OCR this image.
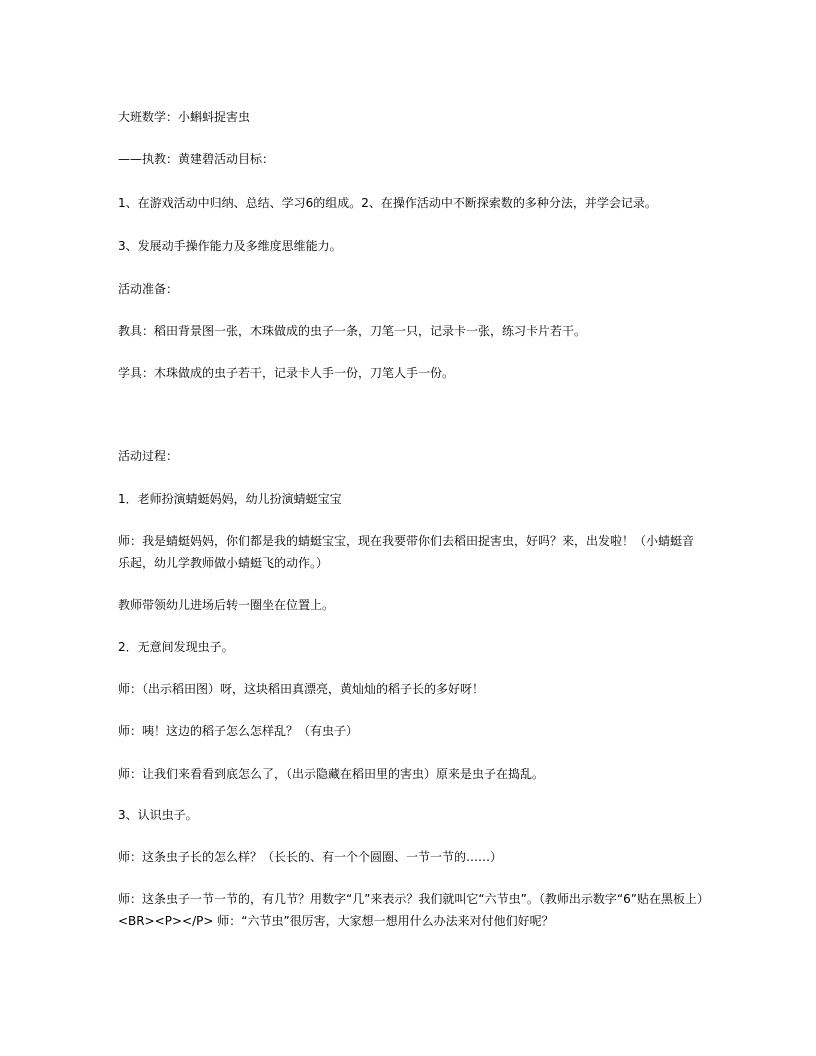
大班数学：小蝌蚪捉害虫

——执教：黄建碧活动目标：

1、在游戏活动中归纳、总结、学习6的组成。2、在操作活动中不断探索数的多种分法，并学会记录。

3、发展动手操作能力及多维度思维能力。

活动准备：

教具：稻田背景图一张，木珠做成的虫子一条，刀笔一只，记录卡一张，练习卡片若干。

学具：木珠做成的虫子若干，记录卡人手一份，刀笔人手一份。

活动过程：

1．老师扮演蜻蜓妈妈，幼儿扮演蜻蜓宝宝

师：我是蜻蜓妈妈，你们都是我的蜻蜓宝宝，现在我要带你们去稻田捉害虫，好吗？来，出发啦！（小蜻蜓音乐起，幼儿学教师做小蜻蜓飞的动作。）

教师带领幼儿进场后转一圈坐在位置上。

2．无意间发现虫子。

师：（出示稻田图）呀，这块稻田真漂亮，黄灿灿的稻子长的多好呀！

师：咦！这边的稻子怎么怎样乱？（有虫子）

师：让我们来看看到底怎么了，（出示隐藏在稻田里的害虫）原来是虫子在捣乱。

3、认识虫子。

师：这条虫子长的怎么样？（长长的、有一个个圆圈、一节一节的……）

师：这条虫子一节一节的，有几节？用数字“几”来表示？我们就叫它“六节虫”。（教师出示数字“6”贴在黑板上）　<BR><P></P> 师：“六节虫”很厉害，大家想一想用什么办法来对付他们好呢？
